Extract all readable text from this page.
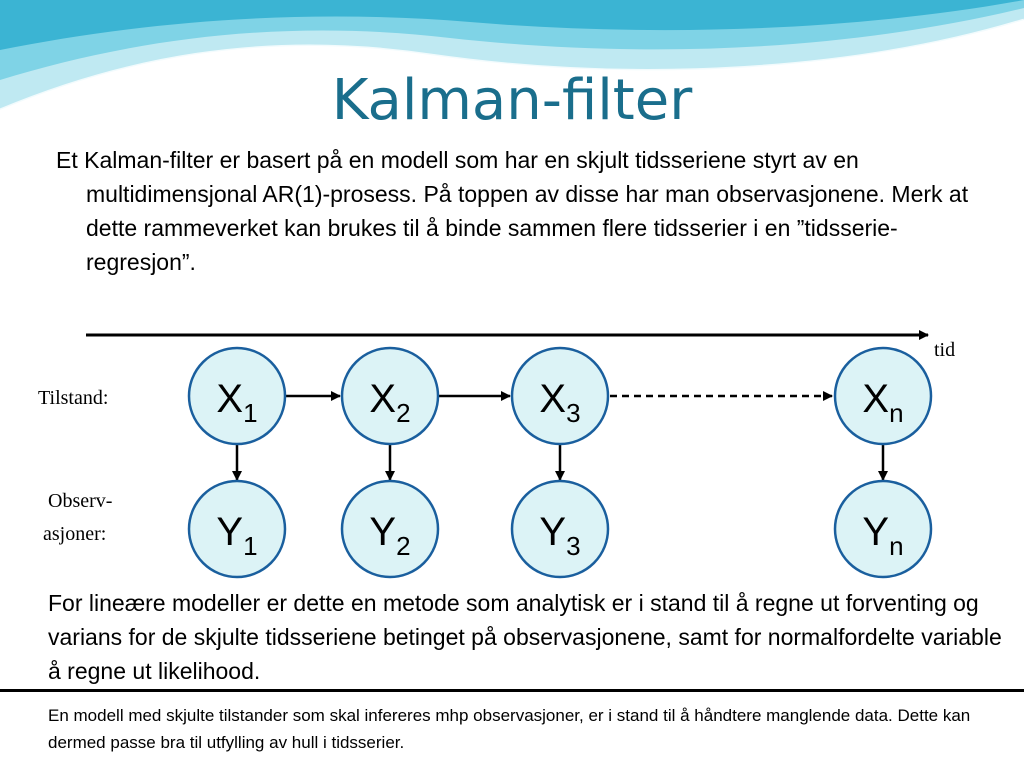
Kalman-filter

Et Kalman-filter er basert på en modell som har en skjult tidsseriene styrt av en multidimensjonal AR(1)-prosess. På toppen av disse har man observasjonene. Merk at dette rammeverket kan brukes til å binde sammen flere tidsserier i en ”tidsserie-regresjon”.

tid
Tilstand:
Observ-
asjoner:
X1	X2	X3	Xn
Y1	Y2	Y3	Yn

For lineære modeller er dette en metode som analytisk er i stand til å regne ut forventing og varians for de skjulte tidsseriene betinget på observasjonene, samt for normalfordelte variable å regne ut likelihood.

En modell med skjulte tilstander som skal infereres mhp observasjoner, er i stand til å håndtere manglende data. Dette kan dermed passe bra til utfylling av hull i tidsserier.
